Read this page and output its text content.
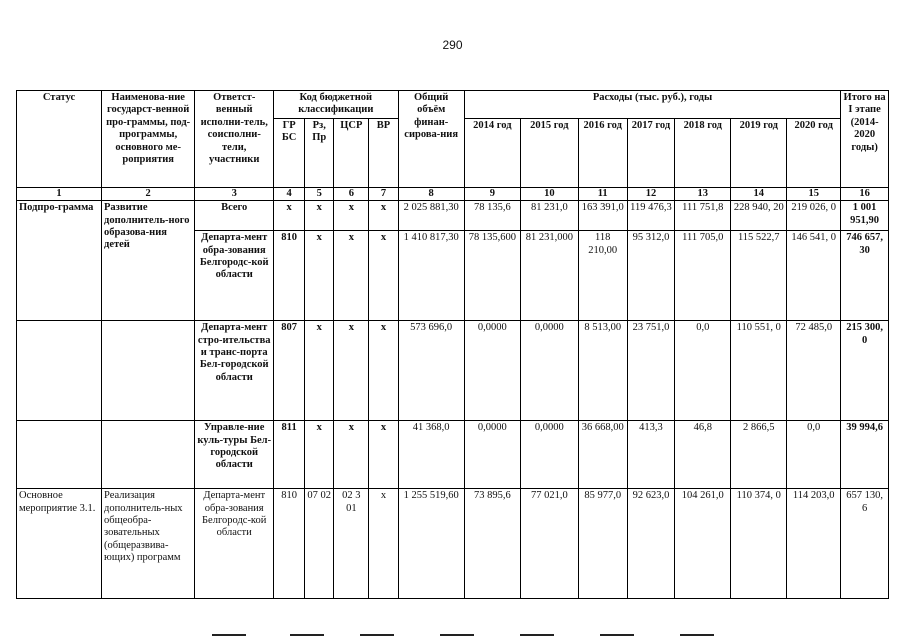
290
Статус	Наименова-ние государст-венной про-граммы, под-программы, основного ме-роприятия	Ответст-венный исполни-тель, соисполни-тели, участники	Код бюджетной классификации				Общий объём финан-сирова-ния	Расходы (тыс. руб.), годы							Итого на I этапе (2014-2020 годы)
			ГР БС	Рз, Пр	ЦСР	ВР		2014 год	2015 год	2016 год	2017 год	2018 год	2019 год	2020 год	
1	2	3	4	5	6	7	8	9	10	11	12	13	14	15	16
Подпро-грамма	Развитие дополнитель-ного образова-ния детей	Всего	х	х	х	х	2 025 881,30	78 135,6	81 231,0	163 391,0	119 476,3	111 751,8	228 940, 20	219 026, 0	1 001 951,90
		Департа-мент обра-зования Белгородс-кой области	810	х	х	х	1 410 817,30	78 135,600	81 231,000	118 210,00	95 312,0	111 705,0	115 522,7	146 541, 0	746 657, 30
		Департа-мент стро-ительства и транс-порта Бел-городской области	807	х	х	х	573 696,0	0,0000	0,0000	8 513,00	23 751,0	0,0	110 551, 0	72 485,0	215 300, 0
		Управле-ние куль-туры Бел-городской области	811	х	х	х	41 368,0	0,0000	0,0000	36 668,00	413,3	46,8	2 866,5	0,0	39 994,6
Основное мероприятие 3.1.	Реализация дополнитель-ных общеобра-зовательных (общеразвива-ющих) программ	Департа-мент обра-зования Белгородс-кой области	810	07 02	02 3 01	х	1 255 519,60	73 895,6	77 021,0	85 977,0	92 623,0	104 261,0	110 374, 0	114 203,0	657 130, 6
